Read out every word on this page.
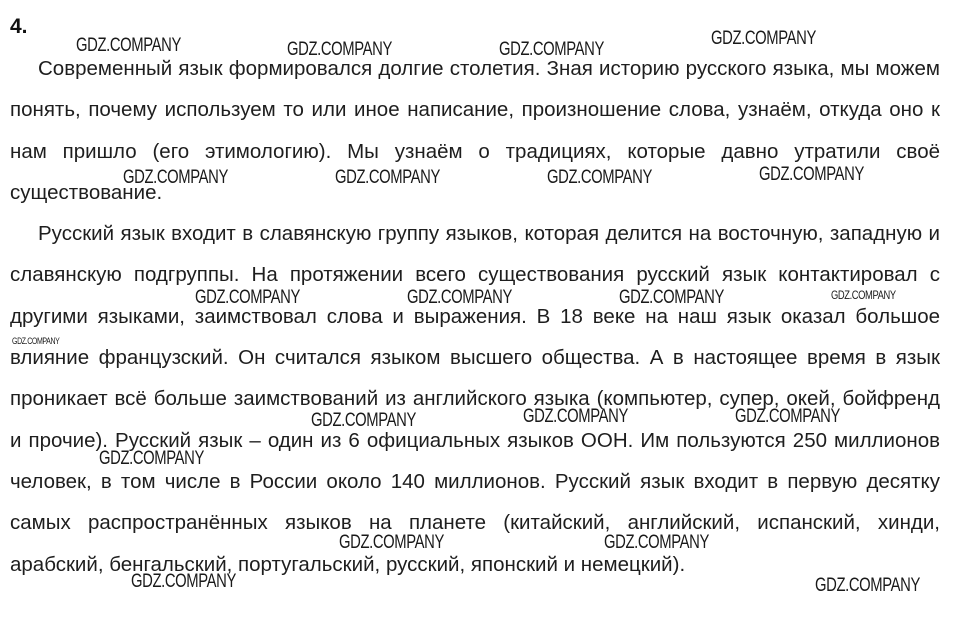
4.

Современный язык формировался долгие столетия. Зная историю русского языка, мы можем понять, почему используем то или иное написание, произношение слова, узнаём, откуда оно к нам пришло (его этимологию). Мы узнаём о традициях, которые давно утратили своё существование.

Русский язык входит в славянскую группу языков, которая делится на восточную, западную и славянскую подгруппы. На протяжении всего существования русский язык контактировал с другими языками, заимствовал слова и выражения. В 18 веке на наш язык оказал большое влияние французский. Он считался языком высшего общества. А в настоящее время в язык проникает всё больше заимствований из английского языка (компьютер, супер, окей, бойфренд и прочие). Русский язык – один из 6 официальных языков ООН. Им пользуются 250 миллионов человек, в том числе в России около 140 миллионов. Русский язык входит в первую десятку самых распространённых языков на планете (китайский, английский, испанский, хинди, арабский, бенгальский, португальский, русский, японский и немецкий).

GDZ.COMPANY	GDZ.COMPANY	GDZ.COMPANY
GDZ.COMPANY
GDZ.COMPANY	GDZ.COMPANY	GDZ.COMPANY	GDZ.COMPANY
GDZ.COMPANY	GDZ.COMPANY	GDZ.COMPANY	GDZ.COMPANY
GDZ.COMPANY
GDZ.COMPANY	GDZ.COMPANY	GDZ.COMPANY
GDZ.COMPANY
GDZ.COMPANY	GDZ.COMPANY
GDZ.COMPANY	GDZ.COMPANY
